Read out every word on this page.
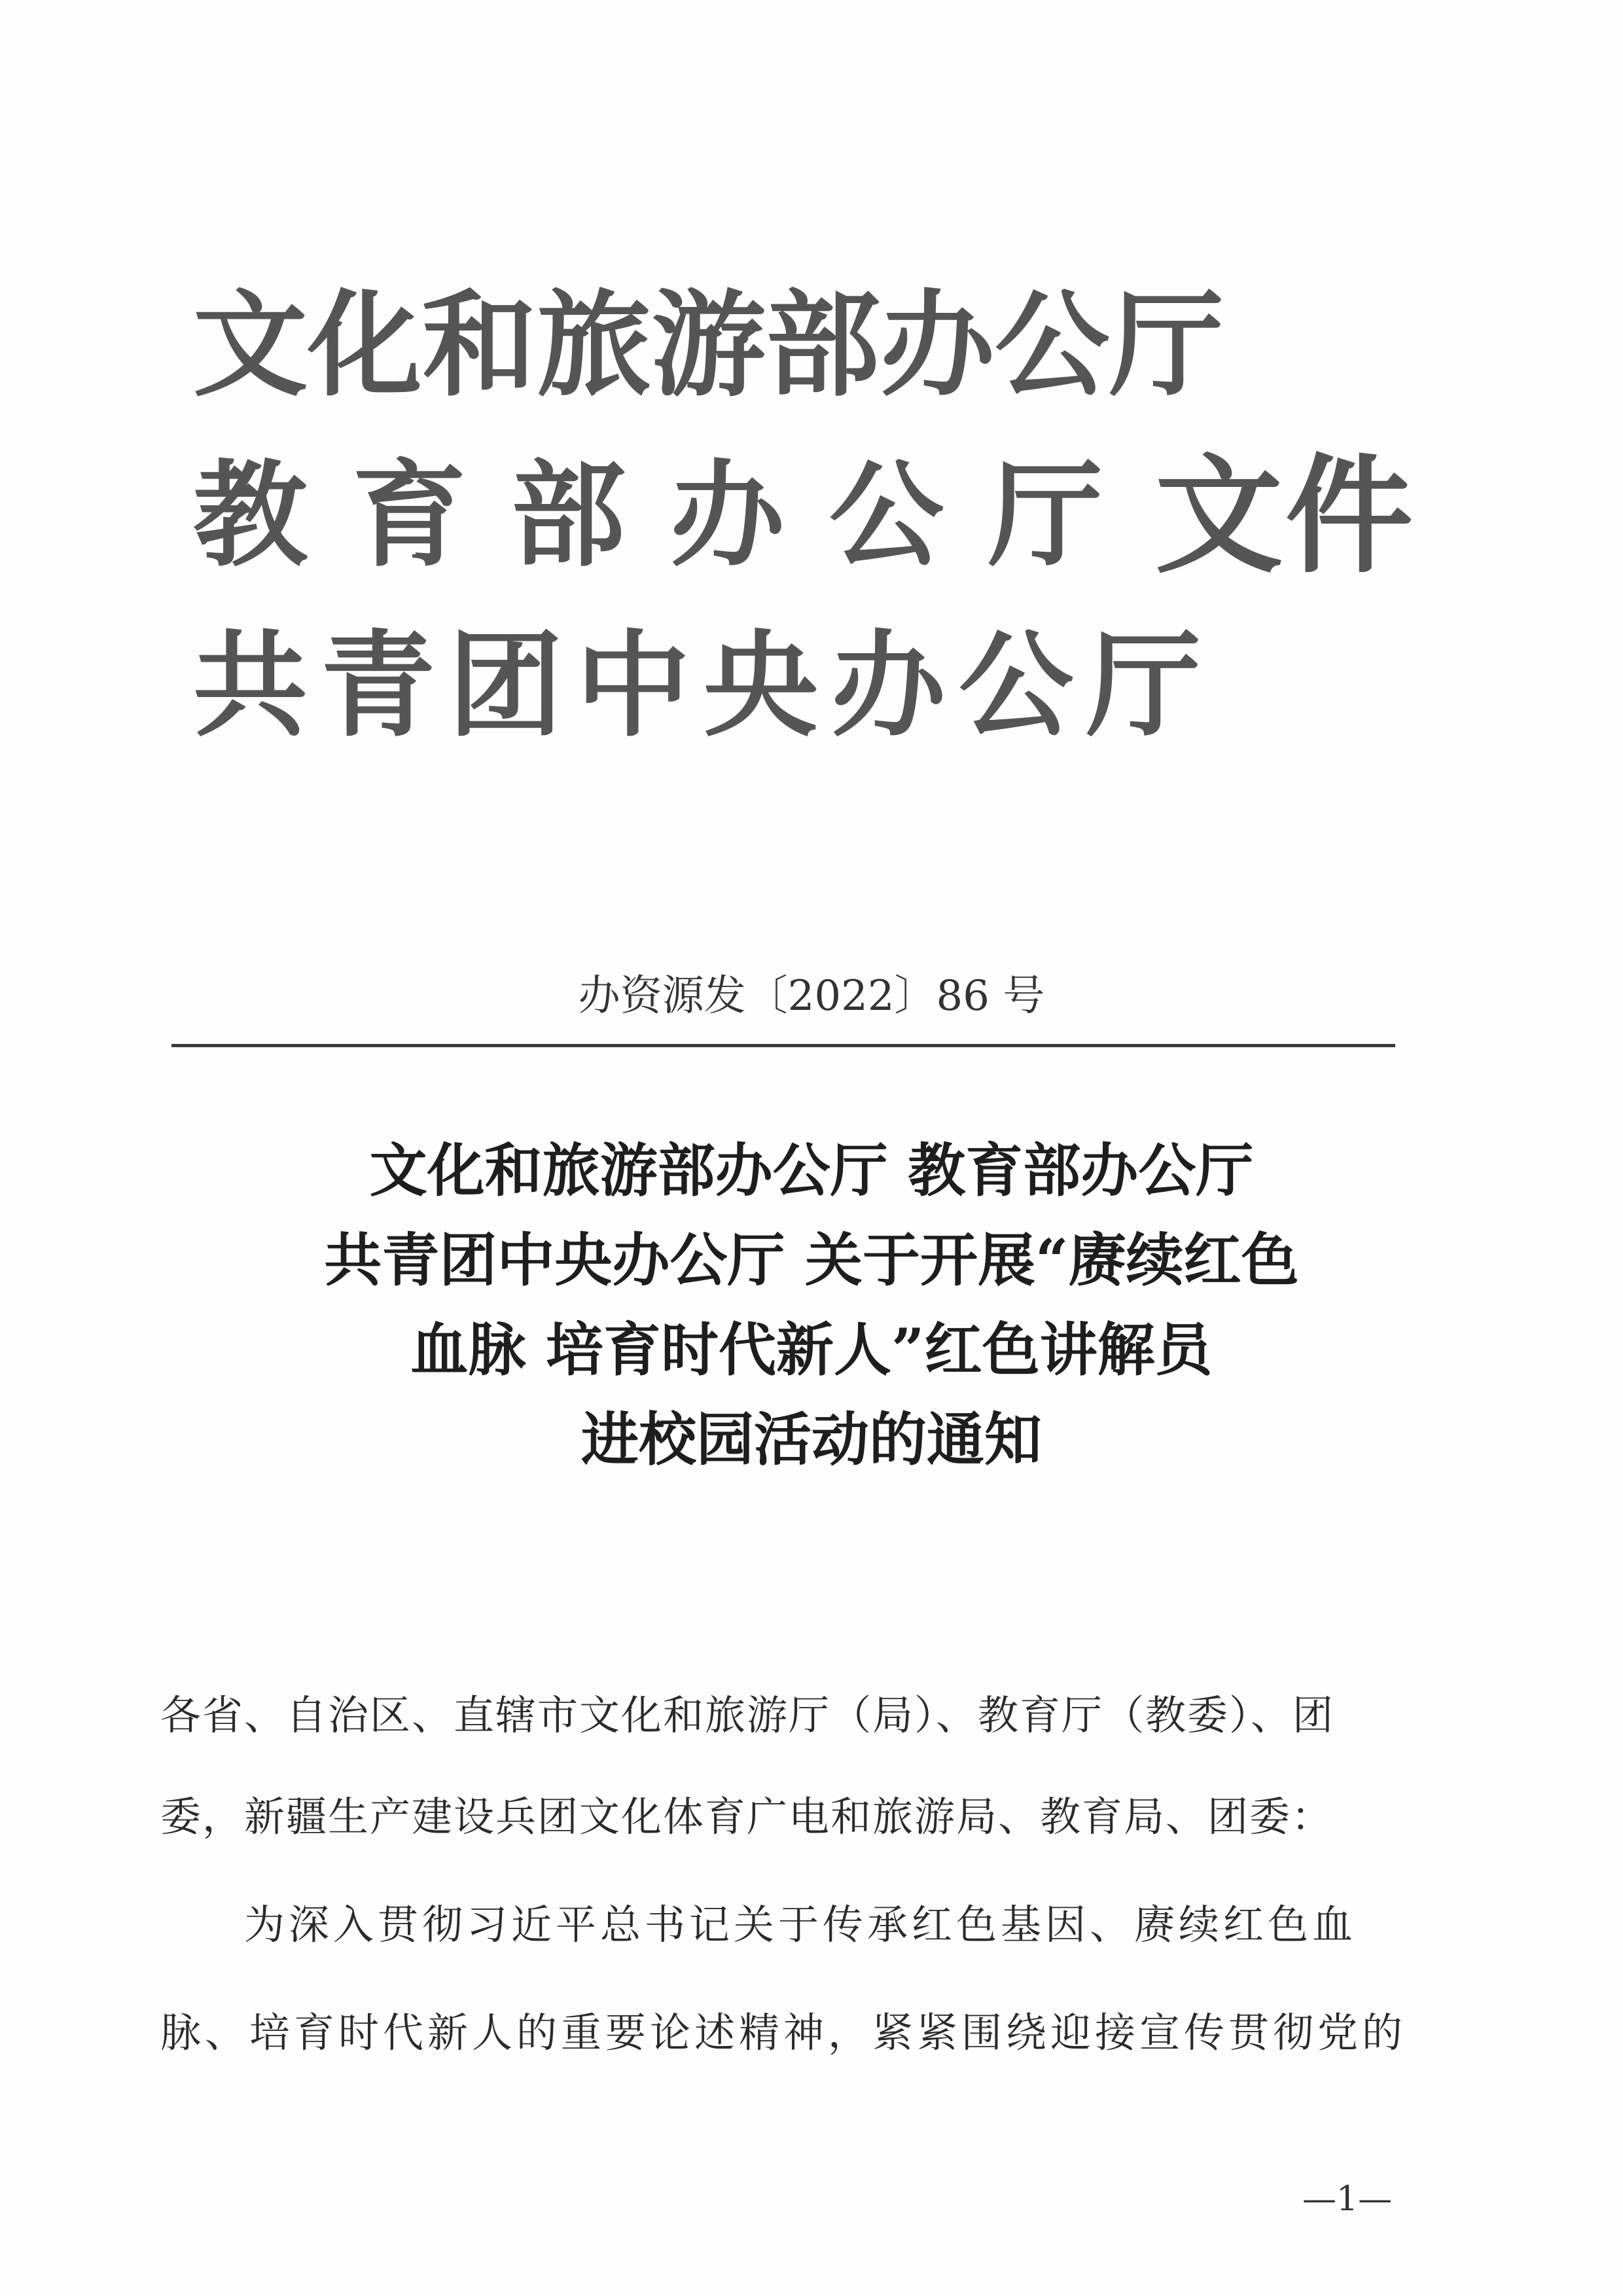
文化和旅游部办公厅
教育部办公厅
共青团中央办公厅
文件
办资源发〔2022〕86 号
文化和旅游部办公厅 教育部办公厅
共青团中央办公厅 关于开展“赓续红色
血脉 培育时代新人”红色讲解员
进校园活动的通知
各省、自治区、直辖市文化和旅游厅（局）、教育厅（教委）、团
委，新疆生产建设兵团文化体育广电和旅游局、教育局、团委：
为深入贯彻习近平总书记关于传承红色基因、赓续红色血
脉、培育时代新人的重要论述精神，紧紧围绕迎接宣传贯彻党的
—1—
